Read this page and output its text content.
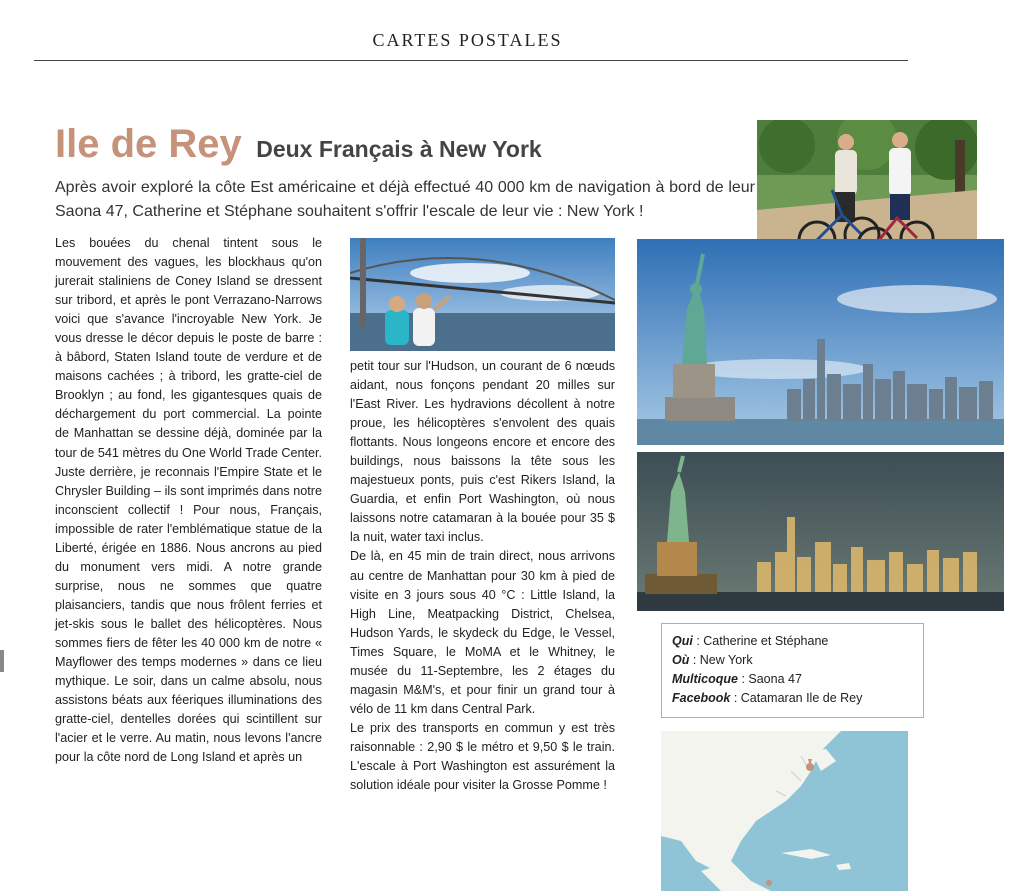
CARTES POSTALES
Ile de Rey Deux Français à New York
Après avoir exploré la côte Est américaine et déjà effectué 40 000 km de navigation à bord de leur Saona 47, Catherine et Stéphane souhaitent s'offrir l'escale de leur vie : New York !

Les bouées du chenal tintent sous le mouvement des vagues, les blockhaus qu'on jurerait staliniens de Coney Island se dressent sur tribord, et après le pont Verrazano-Narrows voici que s'avance l'incroyable New York. Je vous dresse le décor depuis le poste de barre : à bâbord, Staten Island toute de verdure et de maisons cachées ; à tribord, les gratte-ciel de Brooklyn ; au fond, les gigantesques quais de déchargement du port commercial. La pointe de Manhattan se dessine déjà, dominée par la tour de 541 mètres du One World Trade Center. Juste derrière, je reconnais l'Empire State et le Chrysler Building – ils sont imprimés dans notre inconscient collectif ! Pour nous, Français, impossible de rater l'emblématique statue de la Liberté, érigée en 1886. Nous ancrons au pied du monument vers midi. A notre grande surprise, nous ne sommes que quatre plaisanciers, tandis que nous frôlent ferries et jet-skis sous le ballet des hélicoptères. Nous sommes fiers de fêter les 40 000 km de notre « Mayflower des temps modernes » dans ce lieu mythique. Le soir, dans un calme absolu, nous assistons béats aux féeriques illuminations des gratte-ciel, dentelles dorées qui scintillent sur l'acier et le verre. Au matin, nous levons l'ancre pour la côte nord de Long Island et après un

petit tour sur l'Hudson, un courant de 6 nœuds aidant, nous fonçons pendant 20 milles sur l'East River. Les hydravions décollent à notre proue, les hélicoptères s'envolent des quais flottants. Nous longeons encore et encore des buildings, nous baissons la tête sous les majestueux ponts, puis c'est Rikers Island, la Guardia, et enfin Port Washington, où nous laissons notre catamaran à la bouée pour 35 $ la nuit, water taxi inclus.

De là, en 45 min de train direct, nous arrivons au centre de Manhattan pour 30 km à pied de visite en 3 jours sous 40 °C : Little Island, la High Line, Meatpacking District, Chelsea, Hudson Yards, le skydeck du Edge, le Vessel, Times Square, le MoMA et le Whitney, le musée du 11-Septembre, les 2 étages du magasin M&M's, et pour finir un grand tour à vélo de 11 km dans Central Park.

Le prix des transports en commun y est très raisonnable : 2,90 $ le métro et 9,50 $ le train. L'escale à Port Washington est assurément la solution idéale pour visiter la Grosse Pomme !

Qui : Catherine et Stéphane
Où : New York
Multicoque : Saona 47
Facebook : Catamaran Ile de Rey
